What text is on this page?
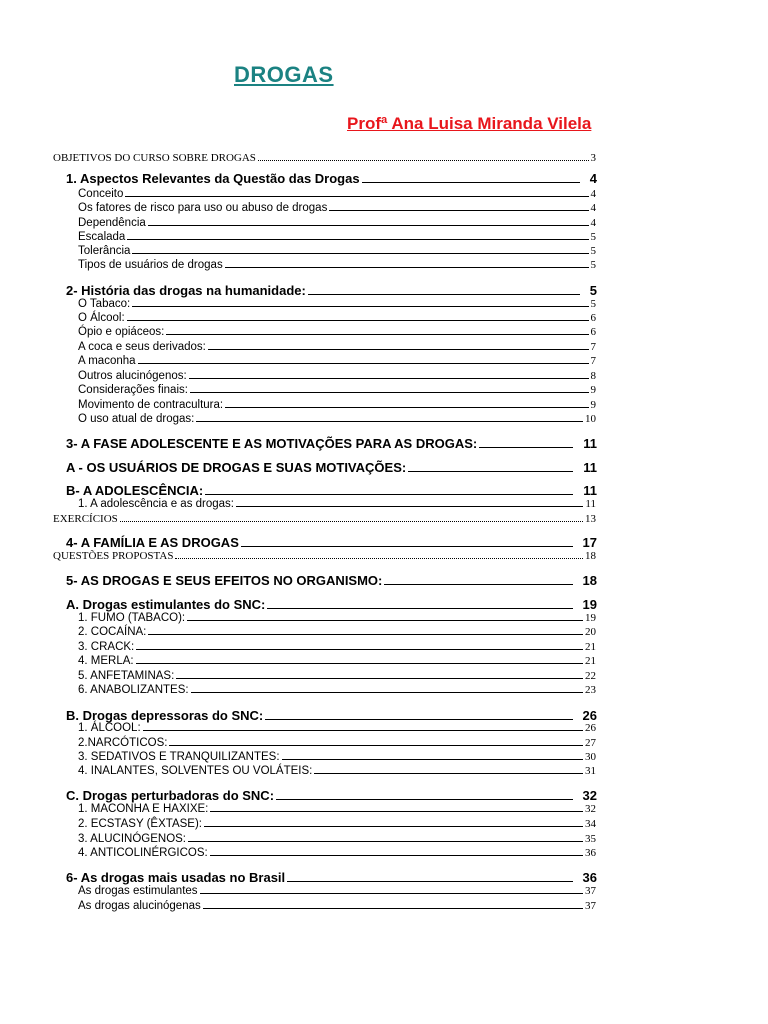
DROGAS
Profª Ana Luisa Miranda Vilela
OBJETIVOS DO CURSO SOBRE DROGAS	3
1. Aspectos Relevantes da Questão das Drogas	4
Conceito	4
Os fatores de risco para uso ou abuso de drogas	4
Dependência	4
Escalada	5
Tolerância	5
Tipos de usuários de drogas	5
2- História das drogas na humanidade:	5
O Tabaco:	5
O Álcool:	6
Ópio e opiáceos:	6
A coca e seus derivados:	7
A maconha	7
Outros alucinógenos:	8
Considerações finais:	9
Movimento de contracultura:	9
O uso atual de drogas:	10
3- A FASE ADOLESCENTE E AS MOTIVAÇÕES PARA AS DROGAS:	11
A - OS USUÁRIOS DE DROGAS E SUAS MOTIVAÇÕES:	11
B- A ADOLESCÊNCIA:	11
1. A adolescência e as drogas:	11
EXERCÍCIOS	13
4- A FAMÍLIA E AS DROGAS	17
QUESTÕES PROPOSTAS	18
5- AS DROGAS E SEUS EFEITOS NO ORGANISMO:	18
A. Drogas estimulantes do SNC:	19
1. FUMO (TABACO):	19
2. COCAÍNA:	20
3. CRACK:	21
4. MERLA:	21
5. ANFETAMINAS:	22
6. ANABOLIZANTES:	23
B. Drogas depressoras do SNC:	26
1. ÁLCOOL:	26
2.NARCÓTICOS:	27
3. SEDATIVOS E TRANQUILIZANTES:	30
4. INALANTES, SOLVENTES OU VOLÁTEIS:	31
C. Drogas perturbadoras do SNC:	32
1. MACONHA E HAXIXE:	32
2. ECSTASY (ÊXTASE):	34
3. ALUCINÓGENOS:	35
4. ANTICOLINÉRGICOS:	36
6- As drogas mais usadas no Brasil	36
As drogas estimulantes	37
As drogas alucinógenas	37
